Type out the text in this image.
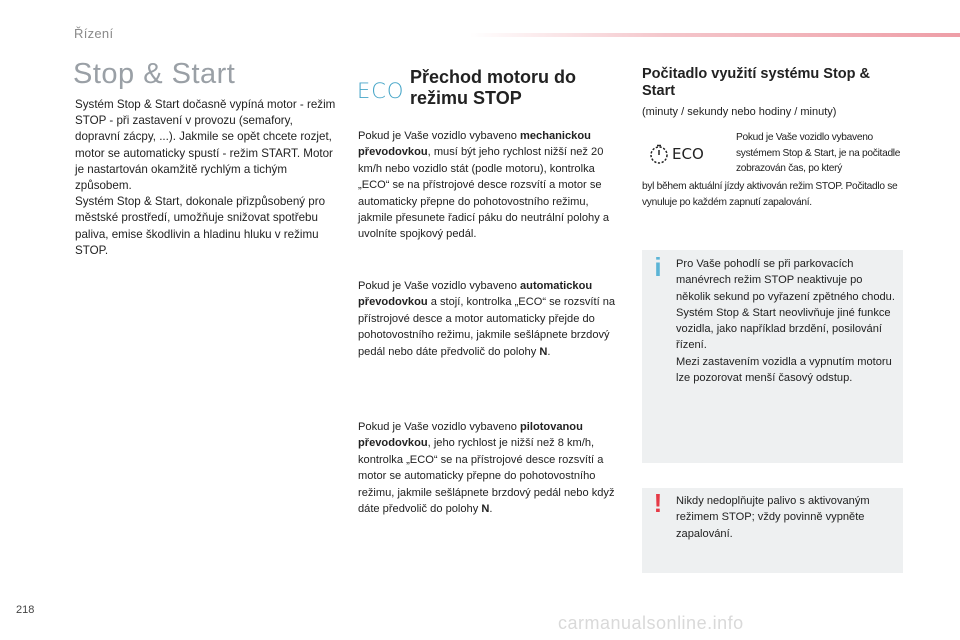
Řízení
Stop & Start

Systém Stop & Start dočasně vypíná motor - režim STOP - při zastavení v provozu (semafory, dopravní zácpy, ...). Jakmile se opět chcete rozjet, motor se automaticky spustí - režim START. Motor je nastartován okamžitě rychlým a tichým způsobem.

Systém Stop & Start, dokonale přizpůsobený pro městské prostředí, umožňuje snižovat spotřebu paliva, emise škodlivin a hladinu hluku v režimu STOP.

ECO
Přechod motoru do režimu STOP

Pokud je Vaše vozidlo vybaveno mechanickou převodovkou, musí být jeho rychlost nižší než 20 km/h nebo vozidlo stát (podle motoru), kontrolka „ECO“ se na přístrojové desce rozsvítí a motor se automaticky přepne do pohotovostního režimu, jakmile přesunete řadicí páku do neutrální polohy a uvolníte spojkový pedál.

Pokud je Vaše vozidlo vybaveno automatickou převodovkou a stojí, kontrolka „ECO“ se rozsvítí na přístrojové desce a motor automaticky přejde do pohotovostního režimu, jakmile sešlápnete brzdový pedál nebo dáte předvolič do polohy N.

Pokud je Vaše vozidlo vybaveno pilotovanou převodovkou, jeho rychlost je nižší než 8 km/h, kontrolka „ECO“ se na přístrojové desce rozsvítí a motor se automaticky přepne do pohotovostního režimu, jakmile sešlápnete brzdový pedál nebo když dáte předvolič do polohy N.

Počitadlo využití systému Stop & Start

(minuty / sekundy nebo hodiny / minuty)

ECO

Pokud je Vaše vozidlo vybaveno systémem Stop & Start, je na počitadle zobrazován čas, po který

byl během aktuální jízdy aktivován režim STOP. Počitadlo se vynuluje po každém zapnutí zapalování.

i	Pro Vaše pohodlí se při parkovacích manévrech režim STOP neaktivuje po několik sekund po vyřazení zpětného chodu.
Systém Stop & Start neovlivňuje jiné funkce vozidla, jako například brzdění, posilování řízení.
Mezi zastavením vozidla a vypnutím motoru lze pozorovat menší časový odstup.

!	Nikdy nedoplňujte palivo s aktivovaným režimem STOP; vždy povinně vypněte zapalování.

218
carmanualsonline.info
